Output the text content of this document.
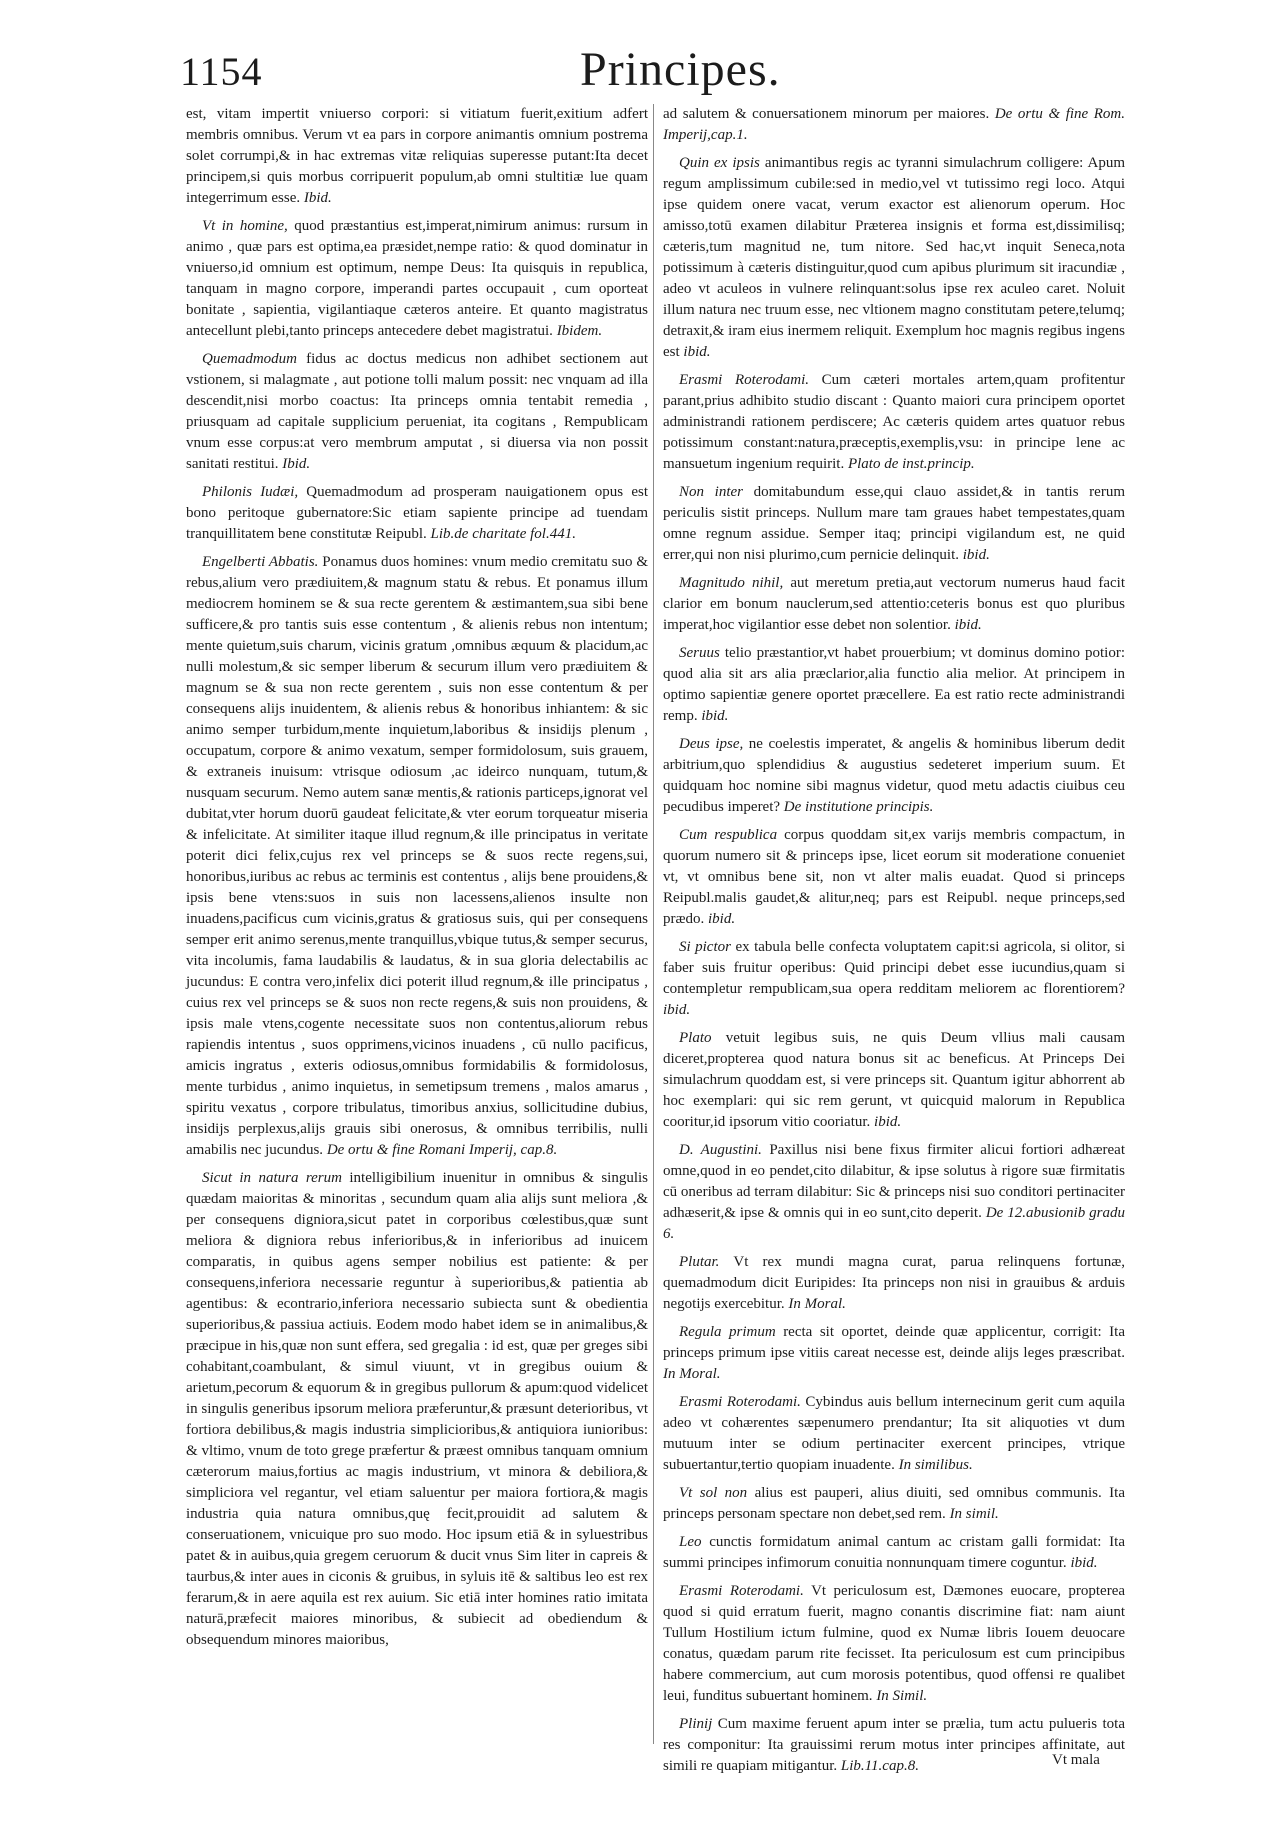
1154	Principes.

est, vitam impertit vniuerso corpori: si vitiatum fuerit,exitium adfert membris omnibus. Verum vt ea pars in corpore animantis omnium postrema solet corrumpi,& in hac extremas vitæ reliquias superesse putant:Ita decet principem,si quis morbus corripuerit populum,ab omni stultitiæ lue quam integerrimum esse. Ibid.

Vt in homine, quod præstantius est,imperat,nimirum animus: rursum in animo , quæ pars est optima,ea præsidet,nempe ratio: & quod dominatur in vniuerso,id omnium est optimum, nempe Deus: Ita quisquis in republica, tanquam in magno corpore, imperandi partes occupauit , cum oporteat bonitate , sapientia, vigilantiaque cæteros anteire. Et quanto magistratus antecellunt plebi,tanto princeps antecedere debet magistratui. Ibidem.

Quemadmodum fidus ac doctus medicus non adhibet sectionem aut vstionem, si malagmate , aut potione tolli malum possit: nec vnquam ad illa descendit,nisi morbo coactus: Ita princeps omnia tentabit remedia , priusquam ad capitale supplicium perueniat, ita cogitans , Rempublicam vnum esse corpus:at vero membrum amputat , si diuersa via non possit sanitati restitui. Ibid.

Philonis Iudæi, Quemadmodum ad prosperam nauigationem opus est bono peritoque gubernatore:Sic etiam sapiente principe ad tuendam tranquillitatem bene constitutæ Reipubl. Lib.de charitate fol.441.

Engelberti Abbatis. Ponamus duos homines: vnum medio cremitatu suo & rebus,alium vero prædiuitem,& magnum statu & rebus. Et ponamus illum mediocrem hominem se & sua recte gerentem & æstimantem,sua sibi bene sufficere,& pro tantis suis esse contentum , & alienis rebus non intentum; mente quietum,suis charum, vicinis gratum ,omnibus æquum & placidum,ac nulli molestum,& sic semper liberum & securum illum vero prædiuitem & magnum se & sua non recte gerentem , suis non esse contentum & per consequens alijs inuidentem, & alienis rebus & honoribus inhiantem: & sic animo semper turbidum,mente inquietum,laboribus & insidijs plenum , occupatum, corpore & animo vexatum, semper formidolosum, suis grauem, & extraneis inuisum: vtrisque odiosum ,ac ideirco nunquam, tutum,& nusquam securum. Nemo autem sanæ mentis,& rationis particeps,ignorat vel dubitat,vter horum duorū gaudeat felicitate,& vter eorum torqueatur miseria & infelicitate. At similiter itaque illud regnum,& ille principatus in veritate poterit dici felix,cujus rex vel princeps se & suos recte regens,sui, honoribus,iuribus ac rebus ac terminis est contentus , alijs bene prouidens,& ipsis bene vtens:suos in suis non lacessens,alienos insulte non inuadens,pacificus cum vicinis,gratus & gratiosus suis, qui per consequens semper erit animo serenus,mente tranquillus,vbique tutus,& semper securus, vita incolumis, fama laudabilis & laudatus, & in sua gloria delectabilis ac jucundus: E contra vero,infelix dici poterit illud regnum,& ille principatus , cuius rex vel princeps se & suos non recte regens,& suis non prouidens, & ipsis male vtens,cogente necessitate suos non contentus,aliorum rebus rapiendis intentus , suos opprimens,vicinos inuadens , cū nullo pacificus, amicis ingratus , exteris odiosus,omnibus formidabilis & formidolosus, mente turbidus , animo inquietus, in semetipsum tremens , malos amarus , spiritu vexatus , corpore tribulatus, timoribus anxius, sollicitudine dubius, insidijs perplexus,alijs grauis sibi onerosus, & omnibus terribilis, nulli amabilis nec jucundus. De ortu & fine Romani Imperij, cap.8.

Sicut in natura rerum intelligibilium inuenitur in omnibus & singulis quædam maioritas & minoritas , secundum quam alia alijs sunt meliora ,& per consequens digniora,sicut patet in corporibus cœlestibus,quæ sunt meliora & digniora rebus inferioribus,& in inferioribus ad inuicem comparatis, in quibus agens semper nobilius est patiente: & per consequens,inferiora necessarie reguntur à superioribus,& patientia ab agentibus: & econtrario,inferiora necessario subiecta sunt & obedientia superioribus,& passiua actiuis. Eodem modo habet idem se in animalibus,& præcipue in his,quæ non sunt effera, sed gregalia : id est, quæ per greges sibi cohabitant,coambulant, & simul viuunt, vt in gregibus ouium & arietum,pecorum & equorum & in gregibus pullorum & apum:quod videlicet in singulis generibus ipsorum meliora præferuntur,& præsunt deterioribus, vt fortiora debilibus,& magis industria simplicioribus,& antiquiora iunioribus: & vltimo, vnum de toto grege præfertur & præest omnibus tanquam omnium cæterorum maius,fortius ac magis industrium, vt minora & debiliora,& simpliciora vel regantur, vel etiam saluentur per maiora fortiora,& magis industria quia natura omnibus,quę fecit,prouidit ad salutem & conseruationem, vnicuique pro suo modo. Hoc ipsum etiā & in syluestribus patet & in auibus,quia gregem ceruorum & ducit vnus Sim liter in capreis & taurbus,& inter aues in ciconis & gruibus, in syluis itē & saltibus leo est rex ferarum,& in aere aquila est rex auium. Sic etiā inter homines ratio imitata naturā,præfecit maiores minoribus, & subiecit ad obediendum & obsequendum minores maioribus,

ad salutem & conuersationem minorum per maiores. De ortu & fine Rom. Imperij,cap.1.

Quin ex ipsis animantibus regis ac tyranni simulachrum colligere: Apum regum amplissimum cubile:sed in medio,vel vt tutissimo regi loco. Atqui ipse quidem onere vacat, verum exactor est alienorum operum. Hoc amisso,totū examen dilabitur Præterea insignis et forma est,dissimilisq; cæteris,tum magnitud ne, tum nitore. Sed hac,vt inquit Seneca,nota potissimum à cæteris distinguitur,quod cum apibus plurimum sit iracundiæ , adeo vt aculeos in vulnere relinquant:solus ipse rex aculeo caret. Noluit illum natura nec truum esse, nec vltionem magno constitutam petere,telumq; detraxit,& iram eius inermem reliquit. Exemplum hoc magnis regibus ingens est ibid.

Erasmi Roterodami. Cum cæteri mortales artem,quam profitentur parant,prius adhibito studio discant : Quanto maiori cura principem oportet administrandi rationem perdiscere; Ac cæteris quidem artes quatuor rebus potissimum constant:natura,præceptis,exemplis,vsu: in principe lene ac mansuetum ingenium requirit. Plato de inst.princip.

Non inter domitabundum esse,qui clauo assidet,& in tantis rerum periculis sistit princeps. Nullum mare tam graues habet tempestates,quam omne regnum assidue. Semper itaq; principi vigilandum est, ne quid errer,qui non nisi plurimo,cum pernicie delinquit. ibid.

Magnitudo nihil, aut meretum pretia,aut vectorum numerus haud facit clarior em bonum nauclerum,sed attentio:ceteris bonus est quo pluribus imperat,hoc vigilantior esse debet non solentior. ibid.

Seruus telio præstantior,vt habet prouerbium; vt dominus domino potior: quod alia sit ars alia præclarior,alia functio alia melior. At principem in optimo sapientiæ genere oportet præcellere. Ea est ratio recte administrandi remp. ibid.

Deus ipse, ne coelestis imperatet, & angelis & hominibus liberum dedit arbitrium,quo splendidius & augustius sedeteret imperium suum. Et quidquam hoc nomine sibi magnus videtur, quod metu adactis ciuibus ceu pecudibus imperet? De institutione principis.

Cum respublica corpus quoddam sit,ex varijs membris compactum, in quorum numero sit & princeps ipse, licet eorum sit moderatione conueniet vt, vt omnibus bene sit, non vt alter malis euadat. Quod si princeps Reipubl.malis gaudet,& alitur,neq; pars est Reipubl. neque princeps,sed prædo. ibid.

Si pictor ex tabula belle confecta voluptatem capit:si agricola, si olitor, si faber suis fruitur operibus: Quid principi debet esse iucundius,quam si contempletur rempublicam,sua opera redditam meliorem ac florentiorem? ibid.

Plato vetuit legibus suis, ne quis Deum vllius mali causam diceret,propterea quod natura bonus sit ac beneficus. At Princeps Dei simulachrum quoddam est, si vere princeps sit. Quantum igitur abhorrent ab hoc exemplari: qui sic rem gerunt, vt quicquid malorum in Republica cooritur,id ipsorum vitio cooriatur. ibid.

D. Augustini. Paxillus nisi bene fixus firmiter alicui fortiori adhæreat omne,quod in eo pendet,cito dilabitur, & ipse solutus à rigore suæ firmitatis cū oneribus ad terram dilabitur: Sic & princeps nisi suo conditori pertinaciter adhæserit,& ipse & omnis qui in eo sunt,cito deperit. De 12.abusionib gradu 6.

Plutar. Vt rex mundi magna curat, parua relinquens fortunæ, quemadmodum dicit Euripides: Ita princeps non nisi in grauibus & arduis negotijs exercebitur. In Moral.

Regula primum recta sit oportet, deinde quæ applicentur, corrigit: Ita princeps primum ipse vitiis careat necesse est, deinde alijs leges præscribat. In Moral.

Erasmi Roterodami. Cybindus auis bellum internecinum gerit cum aquila adeo vt cohærentes sæpenumero prendantur; Ita sit aliquoties vt dum mutuum inter se odium pertinaciter exercent principes, vtrique subuertantur,tertio quopiam inuadente. In similibus.

Vt sol non alius est pauperi, alius diuiti, sed omnibus communis. Ita princeps personam spectare non debet,sed rem. In simil.

Leo cunctis formidatum animal cantum ac cristam galli formidat: Ita summi principes infimorum conuitia nonnunquam timere coguntur. ibid.

Erasmi Roterodami. Vt periculosum est, Dæmones euocare, propterea quod si quid erratum fuerit, magno conantis discrimine fiat: nam aiunt Tullum Hostilium ictum fulmine, quod ex Numæ libris Iouem deuocare conatus, quædam parum rite fecisset. Ita periculosum est cum principibus habere commercium, aut cum morosis potentibus, quod offensi re qualibet leui, funditus subuertant hominem. In Simil.

Plinij Cum maxime feruent apum inter se prælia, tum actu pulueris tota res componitur: Ita grauissimi rerum motus inter principes affinitate, aut simili re quapiam mitigantur. Lib.11.cap.8.	Vt mala
